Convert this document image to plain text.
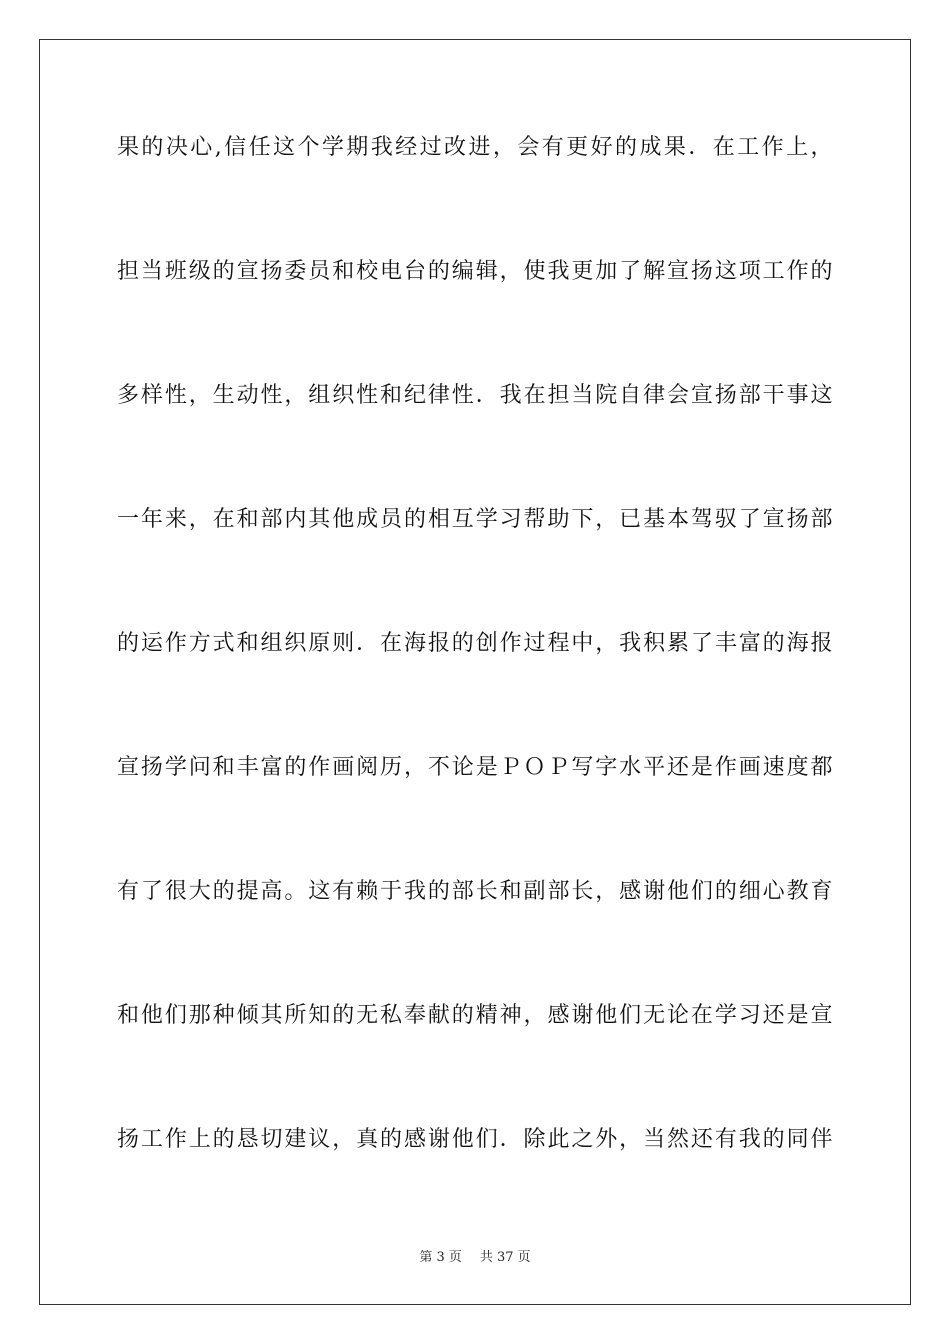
果的决心,信任这个学期我经过改进，会有更好的成果．在工作上，
担当班级的宣扬委员和校电台的编辑，使我更加了解宣扬这项工作的
多样性，生动性，组织性和纪律性．我在担当院自律会宣扬部干事这
一年来，在和部内其他成员的相互学习帮助下，已基本驾驭了宣扬部
的运作方式和组织原则．在海报的创作过程中，我积累了丰富的海报
宣扬学问和丰富的作画阅历，不论是ＰＯＰ写字水平还是作画速度都
有了很大的提高。这有赖于我的部长和副部长，感谢他们的细心教育
和他们那种倾其所知的无私奉献的精神，感谢他们无论在学习还是宣
扬工作上的恳切建议，真的感谢他们．除此之外，当然还有我的同伴
第 3 页 共 37 页
